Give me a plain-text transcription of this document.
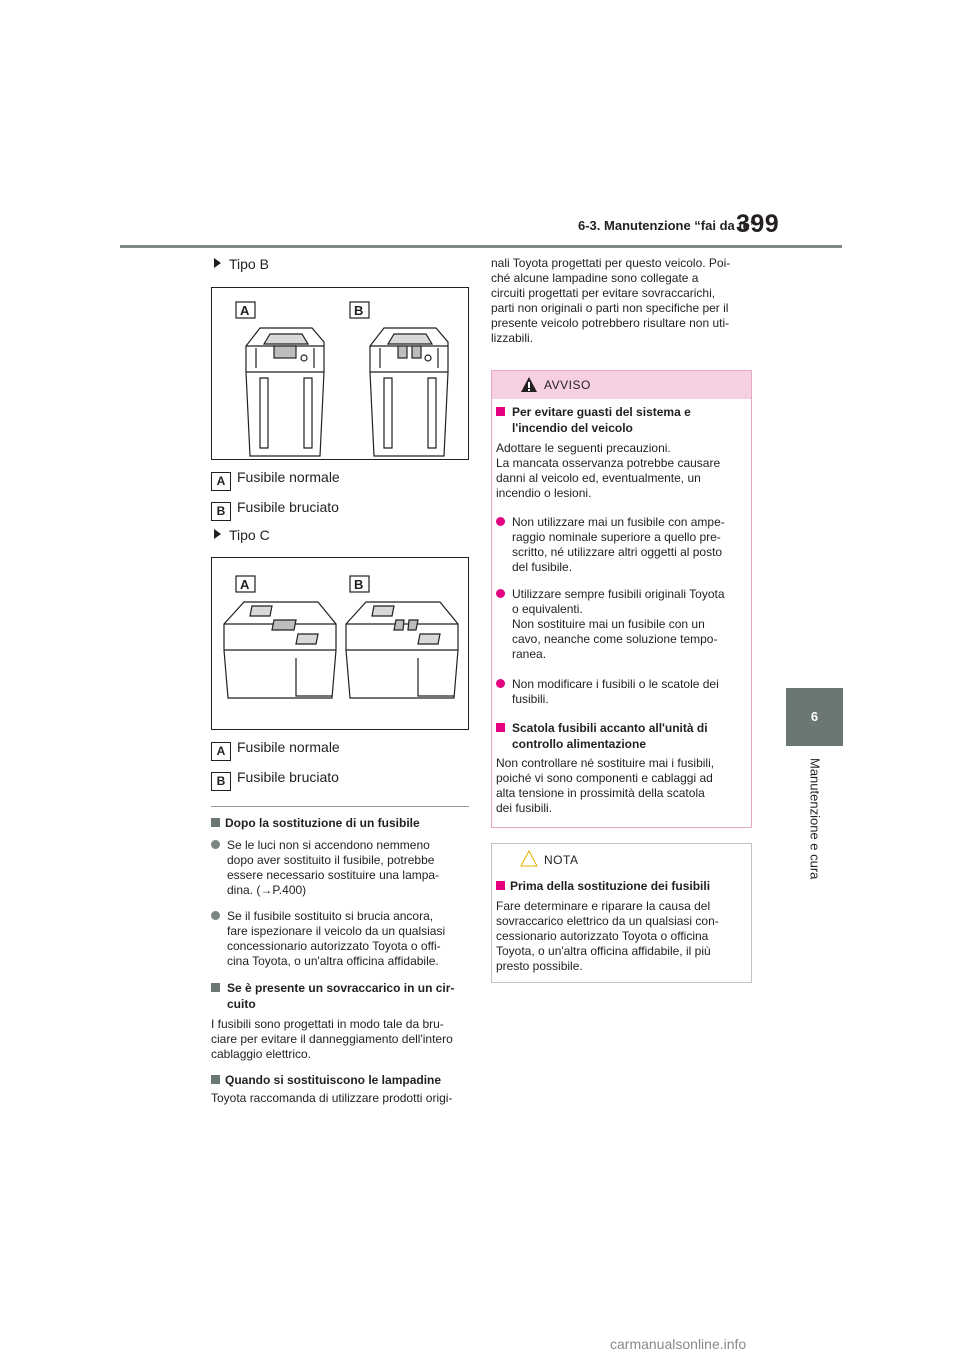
6-3. Manutenzione “fai da te”
399
6
Manutenzione e cura
Tipo B
A	B
A Fusibile normale
B Fusibile bruciato
Tipo C
A	B
A Fusibile normale
B Fusibile bruciato
Dopo la sostituzione di un fusibile
Se le luci non si accendono nemmeno
dopo aver sostituito il fusibile, potrebbe
essere necessario sostituire una lampa-
dina. (→P.400)
Se il fusibile sostituito si brucia ancora,
fare ispezionare il veicolo da un qualsiasi
concessionario autorizzato Toyota o offi-
cina Toyota, o un'altra officina affidabile.
Se è presente un sovraccarico in un cir-
cuito
I fusibili sono progettati in modo tale da bru-
ciare per evitare il danneggiamento dell'intero
cablaggio elettrico.
Quando si sostituiscono le lampadine
Toyota raccomanda di utilizzare prodotti origi-
nali Toyota progettati per questo veicolo. Poi-
ché alcune lampadine sono collegate a
circuiti progettati per evitare sovraccarichi,
parti non originali o parti non specifiche per il
presente veicolo potrebbero risultare non uti-
lizzabili.
AVVISO
Per evitare guasti del sistema e
l'incendio del veicolo
Adottare le seguenti precauzioni.
La mancata osservanza potrebbe causare
danni al veicolo ed, eventualmente, un
incendio o lesioni.
Non utilizzare mai un fusibile con ampe-
raggio nominale superiore a quello pre-
scritto, né utilizzare altri oggetti al posto
del fusibile.
Utilizzare sempre fusibili originali Toyota
o equivalenti.
Non sostituire mai un fusibile con un
cavo, neanche come soluzione tempo-
ranea.
Non modificare i fusibili o le scatole dei
fusibili.
Scatola fusibili accanto all'unità di
controllo alimentazione
Non controllare né sostituire mai i fusibili,
poiché vi sono componenti e cablaggi ad
alta tensione in prossimità della scatola
dei fusibili.
NOTA
Prima della sostituzione dei fusibili
Fare determinare e riparare la causa del
sovraccarico elettrico da un qualsiasi con-
cessionario autorizzato Toyota o officina
Toyota, o un'altra officina affidabile, il più
presto possibile.
carmanualsonline.info
